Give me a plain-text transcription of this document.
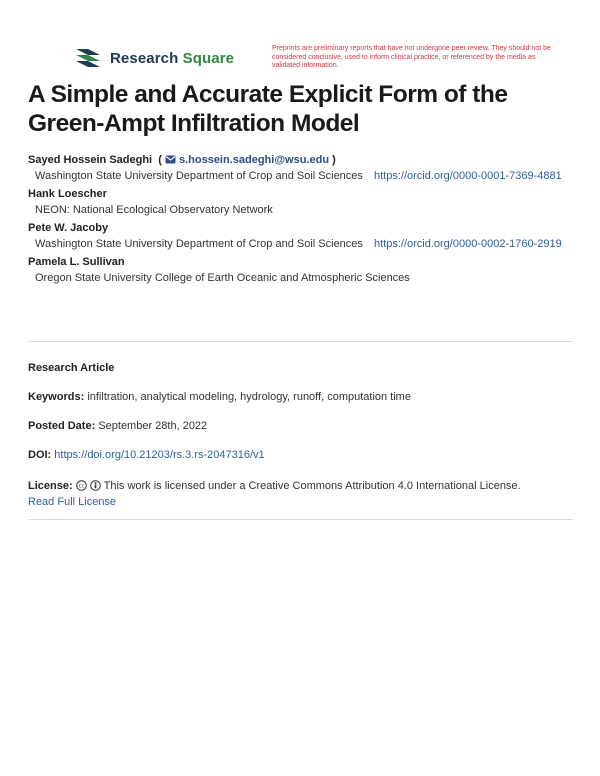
Research Square
Preprints are preliminary reports that have not undergone peer review. They should not be considered conclusive, used to inform clinical practice, or referenced by the media as validated information.
A Simple and Accurate Explicit Form of the Green-Ampt Infiltration Model
Sayed Hossein Sadeghi  ( s.hossein.sadeghi@wsu.edu )
Washington State University Department of Crop and Soil Sciences https://orcid.org/0000-0001-7369-4881
Hank Loescher
NEON: National Ecological Observatory Network
Pete W. Jacoby
Washington State University Department of Crop and Soil Sciences https://orcid.org/0000-0002-1760-2919
Pamela L. Sullivan
Oregon State University College of Earth Oceanic and Atmospheric Sciences
Research Article
Keywords: infiltration, analytical modeling, hydrology, runoff, computation time
Posted Date: September 28th, 2022
DOI: https://doi.org/10.21203/rs.3.rs-2047316/v1
License: cc This work is licensed under a Creative Commons Attribution 4.0 International License.
Read Full License
